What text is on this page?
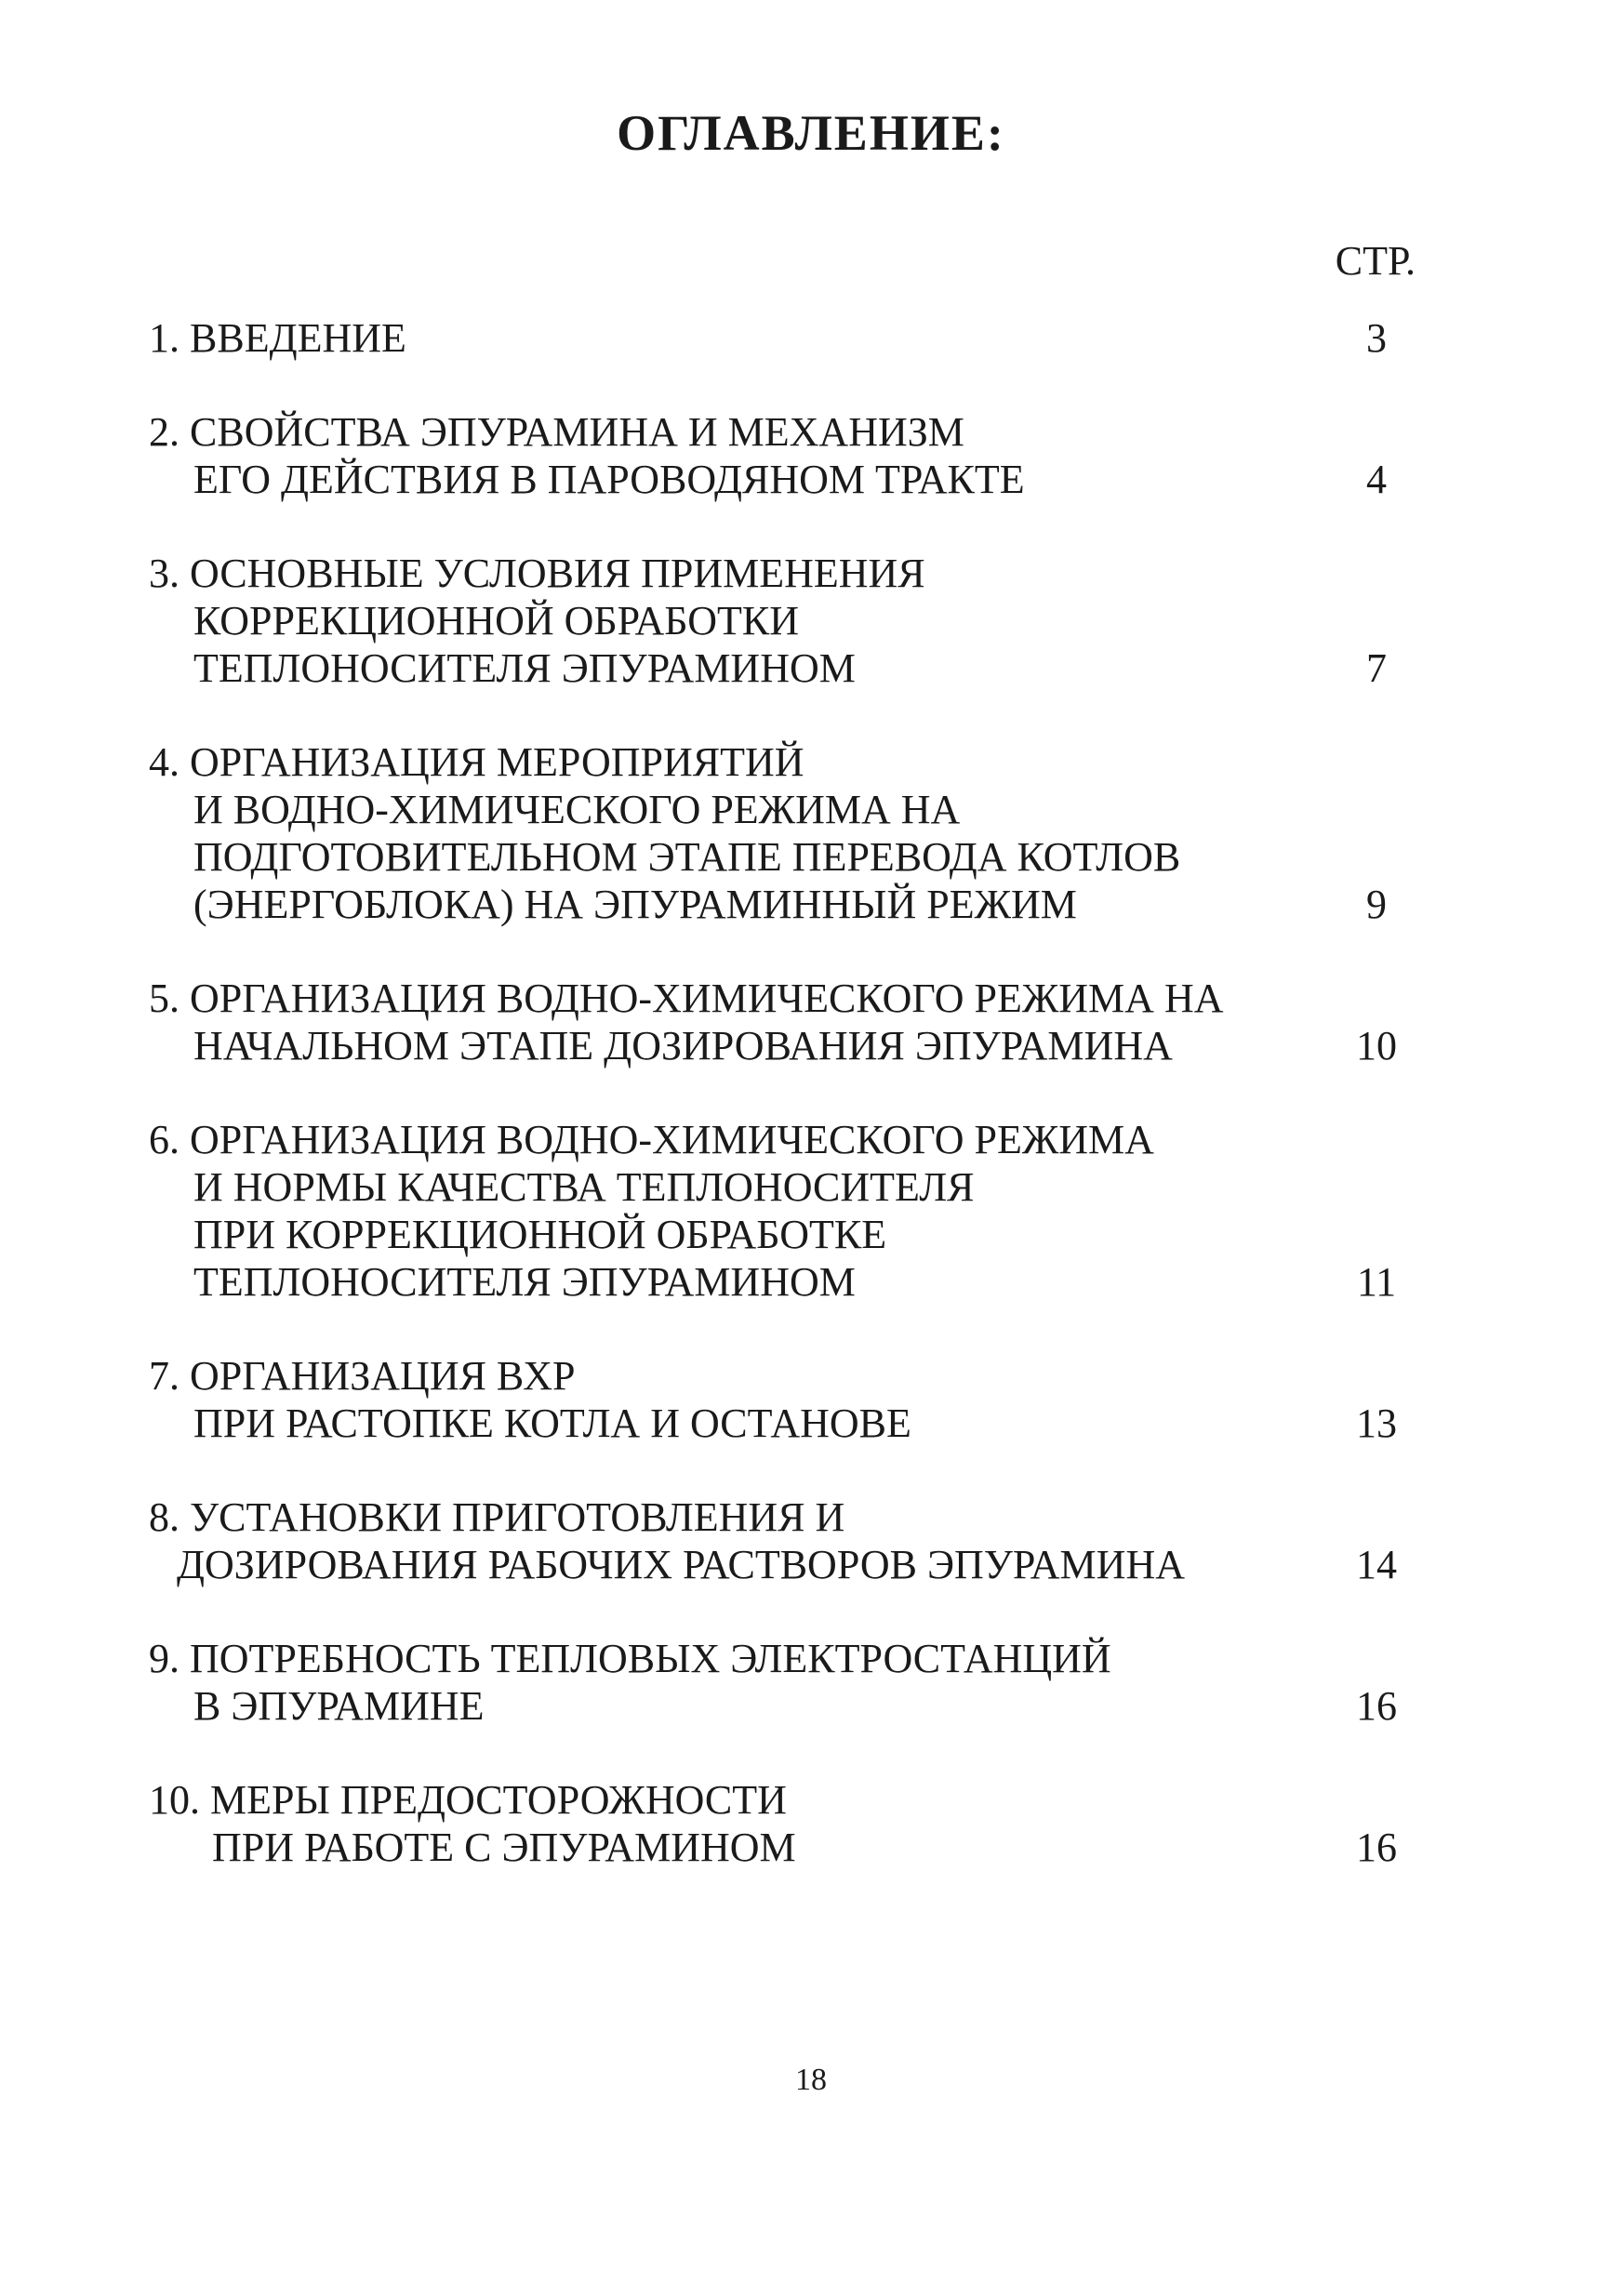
ОГЛАВЛЕНИЕ:
СТР.
1. ВВЕДЕНИЕ	3
2. СВОЙСТВА ЭПУРАМИНА И МЕХАНИЗМ
ЕГО ДЕЙСТВИЯ В ПАРОВОДЯНОМ ТРАКТЕ	4
3. ОСНОВНЫЕ УСЛОВИЯ ПРИМЕНЕНИЯ
КОРРЕКЦИОННОЙ ОБРАБОТКИ
ТЕПЛОНОСИТЕЛЯ ЭПУРАМИНОМ	7
4. ОРГАНИЗАЦИЯ МЕРОПРИЯТИЙ
И ВОДНО-ХИМИЧЕСКОГО РЕЖИМА НА
ПОДГОТОВИТЕЛЬНОМ ЭТАПЕ ПЕРЕВОДА КОТЛОВ
(ЭНЕРГОБЛОКА) НА ЭПУРАМИННЫЙ РЕЖИМ	9
5. ОРГАНИЗАЦИЯ ВОДНО-ХИМИЧЕСКОГО РЕЖИМА НА
НАЧАЛЬНОМ ЭТАПЕ ДОЗИРОВАНИЯ ЭПУРАМИНА	10
6. ОРГАНИЗАЦИЯ ВОДНО-ХИМИЧЕСКОГО РЕЖИМА
И НОРМЫ КАЧЕСТВА ТЕПЛОНОСИТЕЛЯ
ПРИ КОРРЕКЦИОННОЙ ОБРАБОТКЕ
ТЕПЛОНОСИТЕЛЯ ЭПУРАМИНОМ	11
7. ОРГАНИЗАЦИЯ ВХР
ПРИ РАСТОПКЕ КОТЛА И ОСТАНОВЕ	13
8. УСТАНОВКИ ПРИГОТОВЛЕНИЯ И
ДОЗИРОВАНИЯ РАБОЧИХ РАСТВОРОВ ЭПУРАМИНА	14
9. ПОТРЕБНОСТЬ ТЕПЛОВЫХ ЭЛЕКТРОСТАНЦИЙ
В ЭПУРАМИНЕ	16
10. МЕРЫ ПРЕДОСТОРОЖНОСТИ
ПРИ РАБОТЕ С ЭПУРАМИНОМ	16
18
